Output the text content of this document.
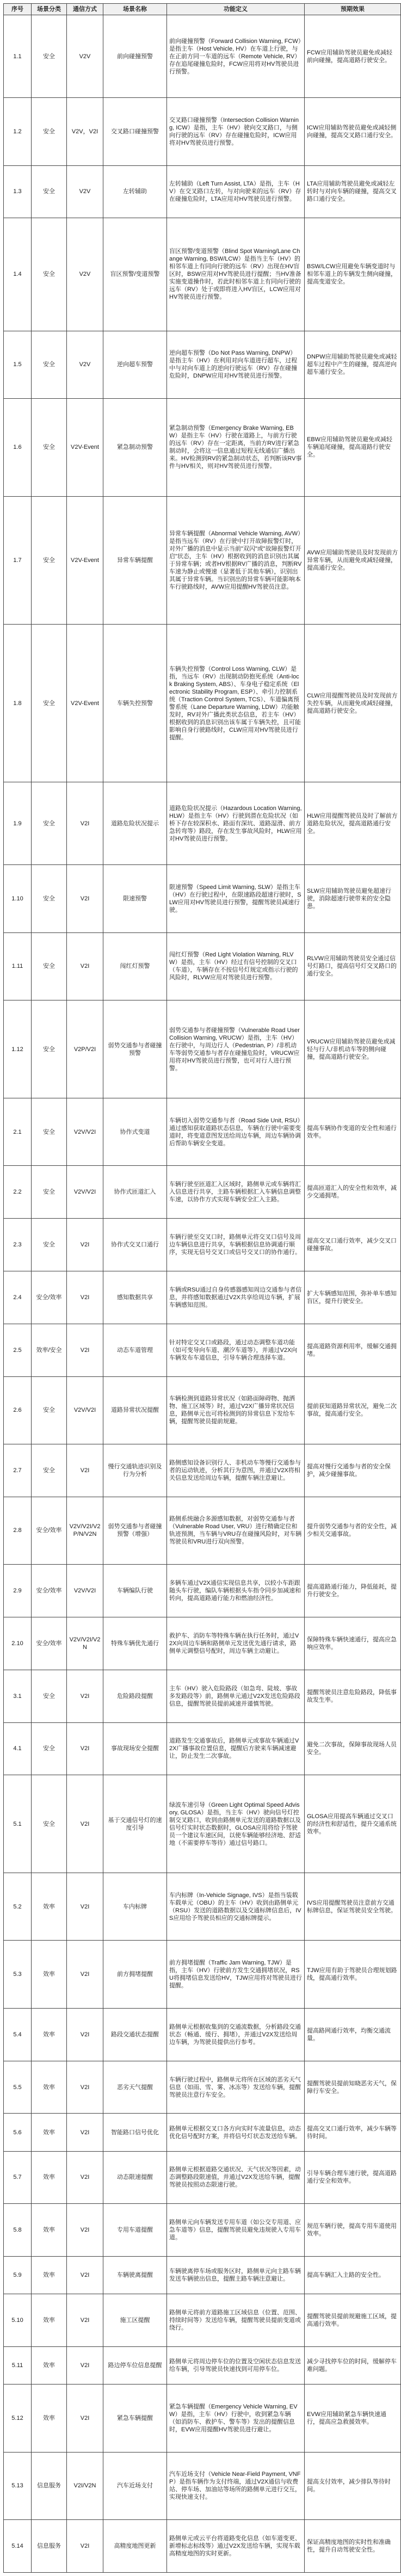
序号	场景分类	通信方式	场景名称	功能定义	预期效果
1.1	安全	V2V	前向碰撞预警	前向碰撞预警（Forward Collision Warning, FCW）是指主车（Host Vehicle, HV）在车道上行驶，与在正前方同一车道的远车（Remote Vehicle, RV）存在追尾碰撞危险时，FCW应用将对HV驾驶员进行预警。	FCW应用辅助驾驶员避免或减轻前向碰撞，提高道路行驶安全。
1.2	安全	V2V，V2I	交叉路口碰撞预警	交叉路口碰撞预警（Intersection Collision Warning, ICW）是指，主车（HV）驶向交叉路口，与侧向行驶的远车（RV）存在碰撞危险时，ICW应用将对HV驾驶员进行预警。	ICW应用辅助驾驶员避免或减轻侧向碰撞，提高交叉路口通行安全。
1.3	安全	V2V	左转辅助	左转辅助（Left Turn Assist, LTA）是指，主车（HV）在交叉路口左转，与对向驶来的远车（RV）存在碰撞危险时，LTA应用对HV驾驶员进行预警。	LTA应用辅助驾驶员避免或减轻左转时与对向车辆的碰撞，提高交叉路口通行安全。
1.4	安全	V2V	盲区预警/变道预警	盲区预警/变道预警（Blind Spot Warning/Lane Change Warning, BSW/LCW）是指当主车（HV）的相邻车道上有同向行驶的远车（RV）出现在HV盲区时，BSW应用对HV驾驶员进行提醒；当HV准备实施变道操作时，若此时相邻车道上有同向行驶的远车（RV）处于或即将进入HV盲区，LCW应用对HV驾驶员进行预警。	BSW/LCW应用避免车辆变道时与相邻车道上的车辆发生侧向碰撞，提高变道安全。
1.5	安全	V2V	逆向超车预警	逆向超车预警（Do Not Pass Warning, DNPW）是指主车（HV）在利用对向车道进行超车，过程中与对向车道上的逆向行驶远车（RV）存在碰撞危险时，DNPW应用对HV驾驶员进行预警。	DNPW应用辅助驾驶员避免或减轻超车过程中产生的碰撞，提高逆向超车通行安全。
1.6	安全	V2V-Event	紧急制动预警	紧急制动预警（Emergency Brake Warning, EBW）是指主车（HV）行驶在道路上，与前方行驶的远车（RV）存在一定距离，当前方RV进行紧急制动时，会将这一信息通过短程无线通信广播出来。HV检测到RV的紧急制动状态，若判断该RV事件与HV相关，则对HV驾驶员进行预警。	EBW应用辅助驾驶员避免或减轻车辆追尾碰撞，提高道路行驶安全。
1.7	安全	V2V-Event	异常车辆提醒	异常车辆提醒（Abnormal Vehicle Warning, AVW）是指当远车（RV）在行驶中打开故障报警灯时，对外广播的消息中显示当前"双闪"或"故障报警灯开启"状态，主车（HV）根据收到的消息识别出其属于异常车辆；或者HV根据RV广播的消息，判断RV车速为静止或慢速（显著低于其他车辆），识别出其属于异常车辆。当识别出的异常车辆可能影响本车行驶路线时，AVW应用提醒HV驾驶员注意。	AVW应用辅助驾驶员及时发现前方异常车辆，从而避免或减轻碰撞，提高通行安全。
1.8	安全	V2V-Event	车辆失控预警	车辆失控预警（Control Loss Warning, CLW）是指，当远车（RV）出现制动防抱死系统（Anti-lock Braking System, ABS）、车身电子稳定系统（Electronic Stability Program, ESP）、牵引力控制系统（Traction Control System, TCS）、车道偏离预警系统（Lane Departure Warning, LDW）功能触发时，RV对外广播此类状态信息，若主车（HV）根据收到的消息识别出该车属于车辆失控，且可能影响自身行驶路线时，CLW应用对HV驾驶员进行提醒。	CLW应用提醒驾驶员及时发现前方失控车辆，从而避免或减轻碰撞，提高道路行驶安全。
1.9	安全	V2I	道路危险状况提示	道路危险状况提示（Hazardous Location Warning, HLW）是指主车（HV）行驶到潜在危险状况（如桥下存在较深积水、路面有深坑、道路湿滑、前方急转弯等）路段，存在发生事故风险时，HLW应用对HV驾驶员进行预警。	HLW应用提醒驾驶员及时了解前方道路危险状况，提高道路通行安全。
1.10	安全	V2I	限速预警	限速预警（Speed Limit Warning, SLW）是指主车（HV）在行驶过程中，在限速路段超速行驶时，SLW应用对HV驾驶员进行预警，提醒驾驶员减速行驶。	SLW应用辅助驾驶员避免超速行驶，消除超速行驶带来的安全隐患。
1.11	安全	V2I	闯红灯预警	闯红灯预警（Red Light Violation Warning, RLVW）是指，主车（HV）经过有信号控制的交叉口（车道），车辆存在不按信号灯规定或指示行驶的风险时，RLVW应用对驾驶员进行预警。	RLVW应用辅助驾驶员安全通过信号灯路口，提高信号灯交叉路口的通行安全。
1.12	安全	V2P/V2I	弱势交通参与者碰撞预警	弱势交通参与者碰撞预警（Vulnerable Road User Collision Warning, VRUCW）是指，主车（HV）在行驶中，与周边行人（Pedestrian, P）/非机动车等弱势交通参与者存在碰撞危险时，VRUCW应用将对HV驾驶员进行预警，也可对行人进行预警。	VRUCW应用辅助驾驶员避免或减轻与行人/非机动车等的侧向碰撞，提高道路行驶安全。
2.1	安全	V2V/V2I	协作式变道	车辆切入弱势交通参与者（Road Side Unit, RSU）通过感知获取道路状态信息，车辆在行驶中需要变道时，将变道意图发送给周边车辆，周边车辆协调后帮助车辆安全变道。	提高车辆协作变道的安全性和通行效率。
2.2	安全	V2V/V2I	协作式匝道汇入	车辆行驶至匝道汇入区域时，路侧单元或车辆将汇入信息进行共享，主路车辆根据汇入车辆信息调整车速，以协作方式实现车辆安全汇入主路。	提高匝道汇入的安全性和效率，减少交通拥堵。
2.3	安全	V2I	协作式交叉口通行	车辆行驶至交叉口时，路侧单元将交叉口信号及周边车辆信息进行共享，车辆根据信息协调通行顺序，实现无信号交叉口或信号交叉口的协作通行。	提高交叉口通行效率，减少交叉口碰撞事故。
2.4	安全/效率	V2I	感知数据共享	车辆或RSU通过自身传感器感知周边交通参与者信息，并将感知数据通过V2X共享给周边车辆，扩展车辆感知范围。	扩大车辆感知范围，弥补单车感知盲区，提升行驶安全。
2.5	效率/安全	V2I	动态车道管理	针对特定交叉口或路段，通过动态调整车道功能（如可变导向车道、潮汐车道等），并通过V2X向车辆发布车道信息，引导车辆合理选择车道。	提高道路资源利用率，缓解交通拥堵。
2.6	安全	V2V/V2I	道路异常状况提醒	车辆检测到道路异常状况（如路面障碍物、抛洒物、施工区域等）时，通过V2X广播异常状况信息，路侧单元也可将检测到的异常信息下发给车辆，提醒驾驶员提前规避。	提前获知道路异常状况，避免二次事故，提高通行安全。
2.7	安全	V2I	慢行交通轨迹识别及行为分析	路侧感知设备识别行人、非机动车等慢行交通参与者的运动轨迹，分析其行为意图，并通过V2X将相关信息发送给周边车辆，提醒车辆注意避让。	提高对慢行交通参与者的安全保护，减少碰撞事故。
2.8	安全/效率	V2V/V2I/V2P/N/V2N	弱势交通参与者碰撞预警（增强）	路侧系统融合多源感知数据，对弱势交通参与者（Vulnerable Road User, VRU）进行精确定位和轨迹预测，当车辆与VRU存在碰撞风险时，对车辆驾驶员和VRU进行双向预警。	提升弱势交通参与者的安全性，减少相关交通事故。
2.9	安全/效率	V2V/V2I	车辆编队行驶	多辆车通过V2X通信实现信息共享，以较小车距跟随头车行驶，编队车辆根据头车指令同步加减速和转向，提高道路通行能力和燃油经济性。	提高道路通行能力，降低能耗，提升行驶安全。
2.10	安全/效率	V2V/V2I/V2N	特殊车辆优先通行	救护车、消防车等特殊车辆在执行任务时，通过V2X向周边车辆和路侧单元发送优先通行请求，路侧单元调整信号配时，周边车辆主动避让。	保障特殊车辆快速通行，提高应急响应效率。
3.1	安全	V2I	危险路段提醒	主车（HV）驶入危险路段（如急弯、陡坡、事故多发路段等）前，路侧单元通过V2X发送危险路段信息，提醒驾驶员提前减速并谨慎驾驶。	提醒驾驶员注意危险路段，降低事故发生率。
4.1	安全	V2I	事故现场安全提醒	道路发生交通事故后，路侧单元或事故车辆通过V2X广播事故位置信息，提醒后方驶来车辆减速避让，防止发生二次事故。	避免二次事故，保障事故现场人员安全。
5.1	安全	V2I	基于交通信号灯的速度引导	绿波车速引导（Green Light Optimal Speed Advisory, GLOSA）是指，当主车（HV）驶向信号灯控制交叉路口，收到由路侧单元发送的道路数据以及信号灯实时状态数据时，GLOSA应用将给予驾驶员一个建议车速区间，以使车辆能够经济地、舒适地（不需要停车等待）通过信号路口。	GLOSA应用提高车辆通过交叉口的经济性和舒适性，提升交通系统效率。
5.2	效率	V2I	车内标牌	车内标牌（In-Vehicle Signage, IVS）是指当装载车载单元（OBU）的主车（HV）收到由路侧单元（RSU）发送的道路数据以及交通标牌信息后，IVS应用给予驾驶员相应的交通标牌提示。	IVS应用提醒驾驶员注意前方交通标牌信息，保证驾驶员安全驾驶。
5.3	效率	V2I	前方拥堵提醒	前方拥堵提醒（Traffic Jam Warning, TJW）是指，主车（HV）行驶前方发生交通拥堵状况，RSU将拥堵信息发送给HV，TJW应用将对驾驶员进行提醒。	TJW应用有助于驾驶员合理规划路线，提高通行效率。
5.4	效率	V2I	路段交通状态提醒	路侧单元根据收集到的交通流数据，分析路段交通状态（畅通、缓行、拥堵），并通过V2X发送给周边车辆，为驾驶员提供出行参考。	提高路网通行效率，均衡交通流量。
5.5	效率	V2I	恶劣天气提醒	车辆行驶过程中，路侧单元将所在区域的恶劣天气信息（如雨、雪、雾、冰冻等）发送给车辆，提醒驾驶员注意行车安全。	提醒驾驶员提前知晓恶劣天气，保障行车安全。
5.6	效率	V2I	智能路口信号优化	路侧单元根据交叉口各方向实时车流量信息，动态优化信号配时方案，并将信号灯状态发送给车辆。	提高交叉口通行效率，减少车辆等待时间。
5.7	效率	V2I	动态限速提醒	路侧单元根据道路交通状况、天气状况等因素，动态调整路段限速值，并通过V2X发送给车辆，提醒驾驶员按照动态限速行驶。	引导车辆合理车速行驶，提高道路通行安全和效率。
5.8	效率	V2I	专用车道提醒	路侧单元向车辆发送专用车道（如公交专用道、应急车道等）信息，提醒驾驶员避免违规驶入专用车道。	规范车辆行驶，提高专用车道使用效率。
5.9	效率	V2I	车辆驶离提醒	车辆驶离停车场或服务区时，路侧单元向主路车辆发送车辆驶出信息，提醒主路车辆注意避让。	提高车辆汇入主路的安全性。
5.10	效率	V2I	施工区提醒	路侧单元将前方道路施工区域信息（位置、范围、持续时间等）发送给车辆，提醒驾驶员提前变道或绕行。	提醒驾驶员提前规避施工区域，提高通行效率。
5.11	效率	V2I	路边停车位信息提醒	路侧单元将周边停车位的位置及空闲状态信息发送给车辆，引导驾驶员快速找到可用停车位。	减少寻找停车位的时间，缓解停车难问题。
5.12	效率	V2I	紧急车辆提醒	紧急车辆提醒（Emergency Vehicle Warning, EVW）是指，主车（HV）行驶中，收到紧急车辆（如消防车、救护车、警车等）发出的提醒信息时，EVW应用提醒HV驾驶员进行避让。	EVW应用辅助紧急车辆快速通行，提高应急救援效率。
5.13	信息服务	V2I/V2N	汽车近场支付	汽车近场支付（Vehicle Near-Field Payment, VNFP）是指车辆作为支付终端，通过V2X通信与收费站、停车场、加油站等场所的路侧单元进行交互，实现快速支付。	提高支付效率，减少排队等待时间。
5.14	信息服务	V2I	高精度地图更新	路侧单元或云平台将道路变化信息（如车道变更、新增标志标线等）通过V2X发送给车辆，实现车载高精度地图的实时更新。	保证高精度地图的实时性和准确性，提升自动驾驶安全性。
